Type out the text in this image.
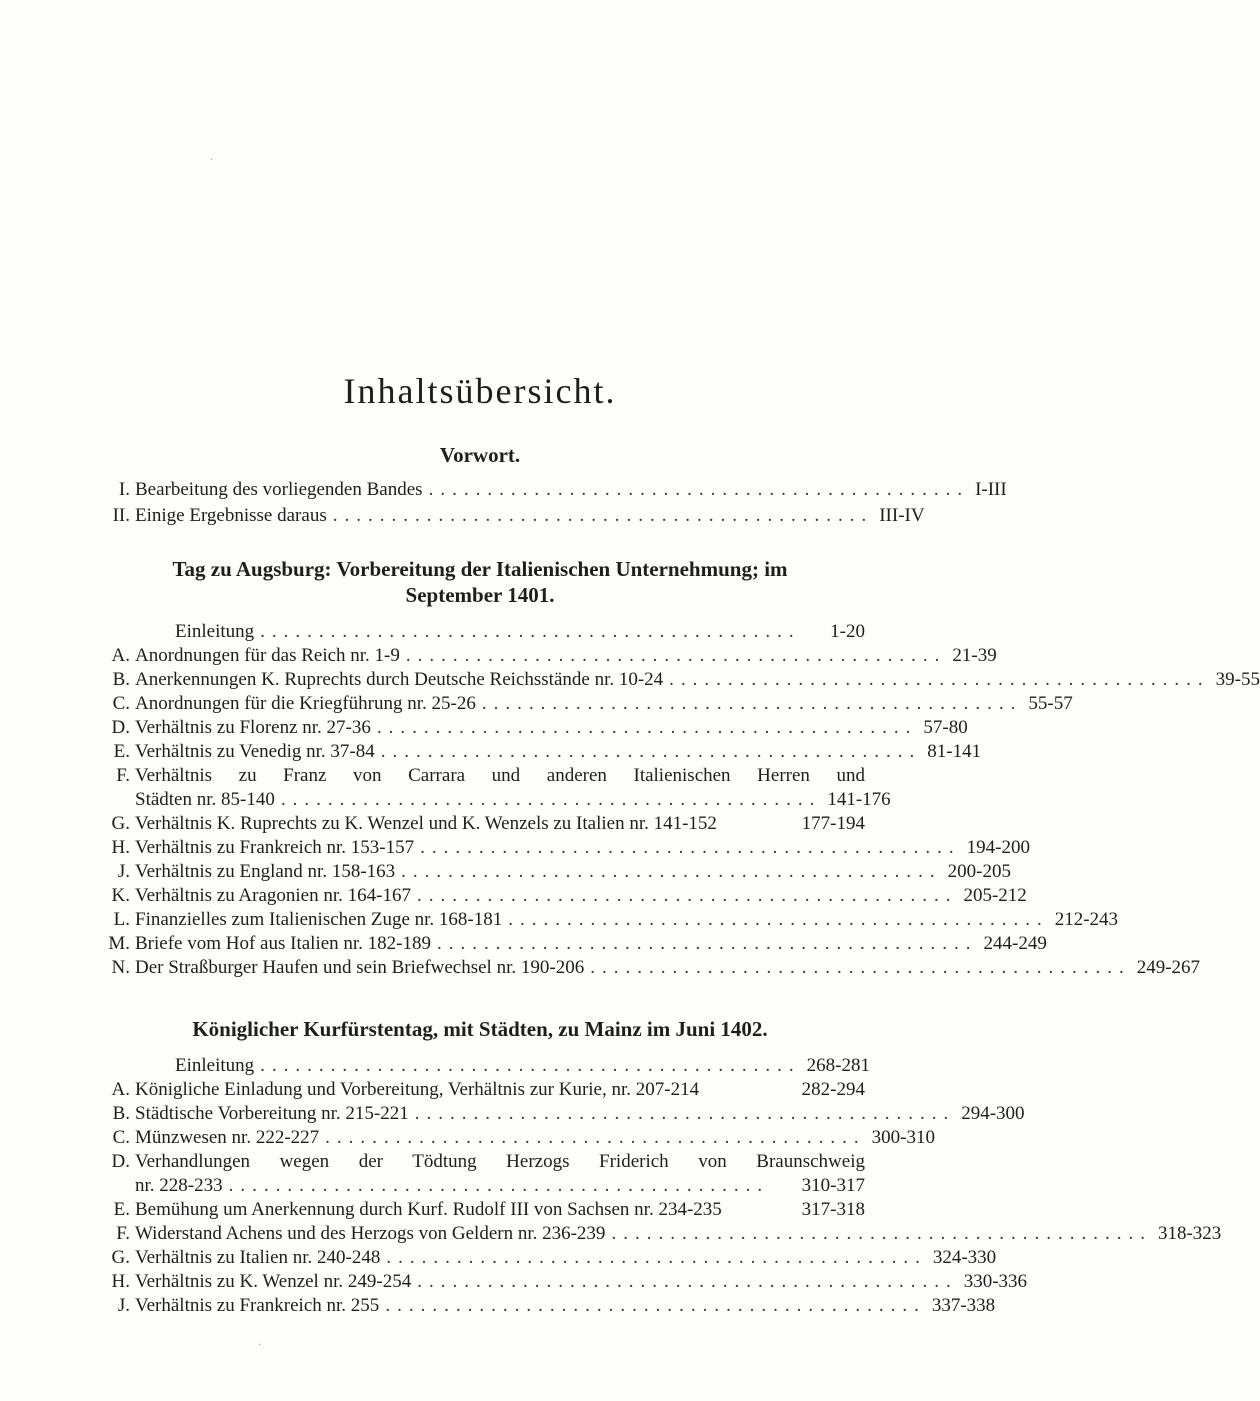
Inhaltsübersicht.
Vorwort.
I. Bearbeitung des vorliegenden Bandes .............................................. I-III
II. Einige Ergebnisse daraus .............................................. III-IV
Tag zu Augsburg: Vorbereitung der Italienischen Unternehmung; im
September 1401.
Einleitung ..............................................	1-20
A. Anordnungen für das Reich nr. 1-9 .............................................. 21-39
B. Anerkennungen K. Ruprechts durch Deutsche Reichsstände nr. 10-24 .............................................. 39-55
C. Anordnungen für die Kriegführung nr. 25-26 .............................................. 55-57
D. Verhältnis zu Florenz nr. 27-36 .............................................. 57-80
E. Verhältnis zu Venedig nr. 37-84 .............................................. 81-141
F. Verhältnis zu Franz von Carrara und anderen Italienischen Herren und
Städten nr. 85-140 .............................................. 141-176
G. Verhältnis K. Ruprechts zu K. Wenzel und K. Wenzels zu Italien nr. 141-152	177-194
H. Verhältnis zu Frankreich nr. 153-157 .............................................. 194-200
J. Verhältnis zu England nr. 158-163 .............................................. 200-205
K. Verhältnis zu Aragonien nr. 164-167 .............................................. 205-212
L. Finanzielles zum Italienischen Zuge nr. 168-181 .............................................. 212-243
M. Briefe vom Hof aus Italien nr. 182-189 .............................................. 244-249
N. Der Straßburger Haufen und sein Briefwechsel nr. 190-206 .............................................. 249-267
Königlicher Kurfürstentag, mit Städten, zu Mainz im Juni 1402.
Einleitung .............................................. 268-281
A. Königliche Einladung und Vorbereitung, Verhältnis zur Kurie, nr. 207-214	282-294
B. Städtische Vorbereitung nr. 215-221 .............................................. 294-300
C. Münzwesen nr. 222-227 .............................................. 300-310
D. Verhandlungen wegen der Tödtung Herzogs Friderich von Braunschweig
nr. 228-233 ..............................................	310-317
E. Bemühung um Anerkennung durch Kurf. Rudolf III von Sachsen nr. 234-235	317-318
F. Widerstand Achens und des Herzogs von Geldern nr. 236-239 .............................................. 318-323
G. Verhältnis zu Italien nr. 240-248 .............................................. 324-330
H. Verhältnis zu K. Wenzel nr. 249-254 .............................................. 330-336
J. Verhältnis zu Frankreich nr. 255 .............................................. 337-338
·
·
